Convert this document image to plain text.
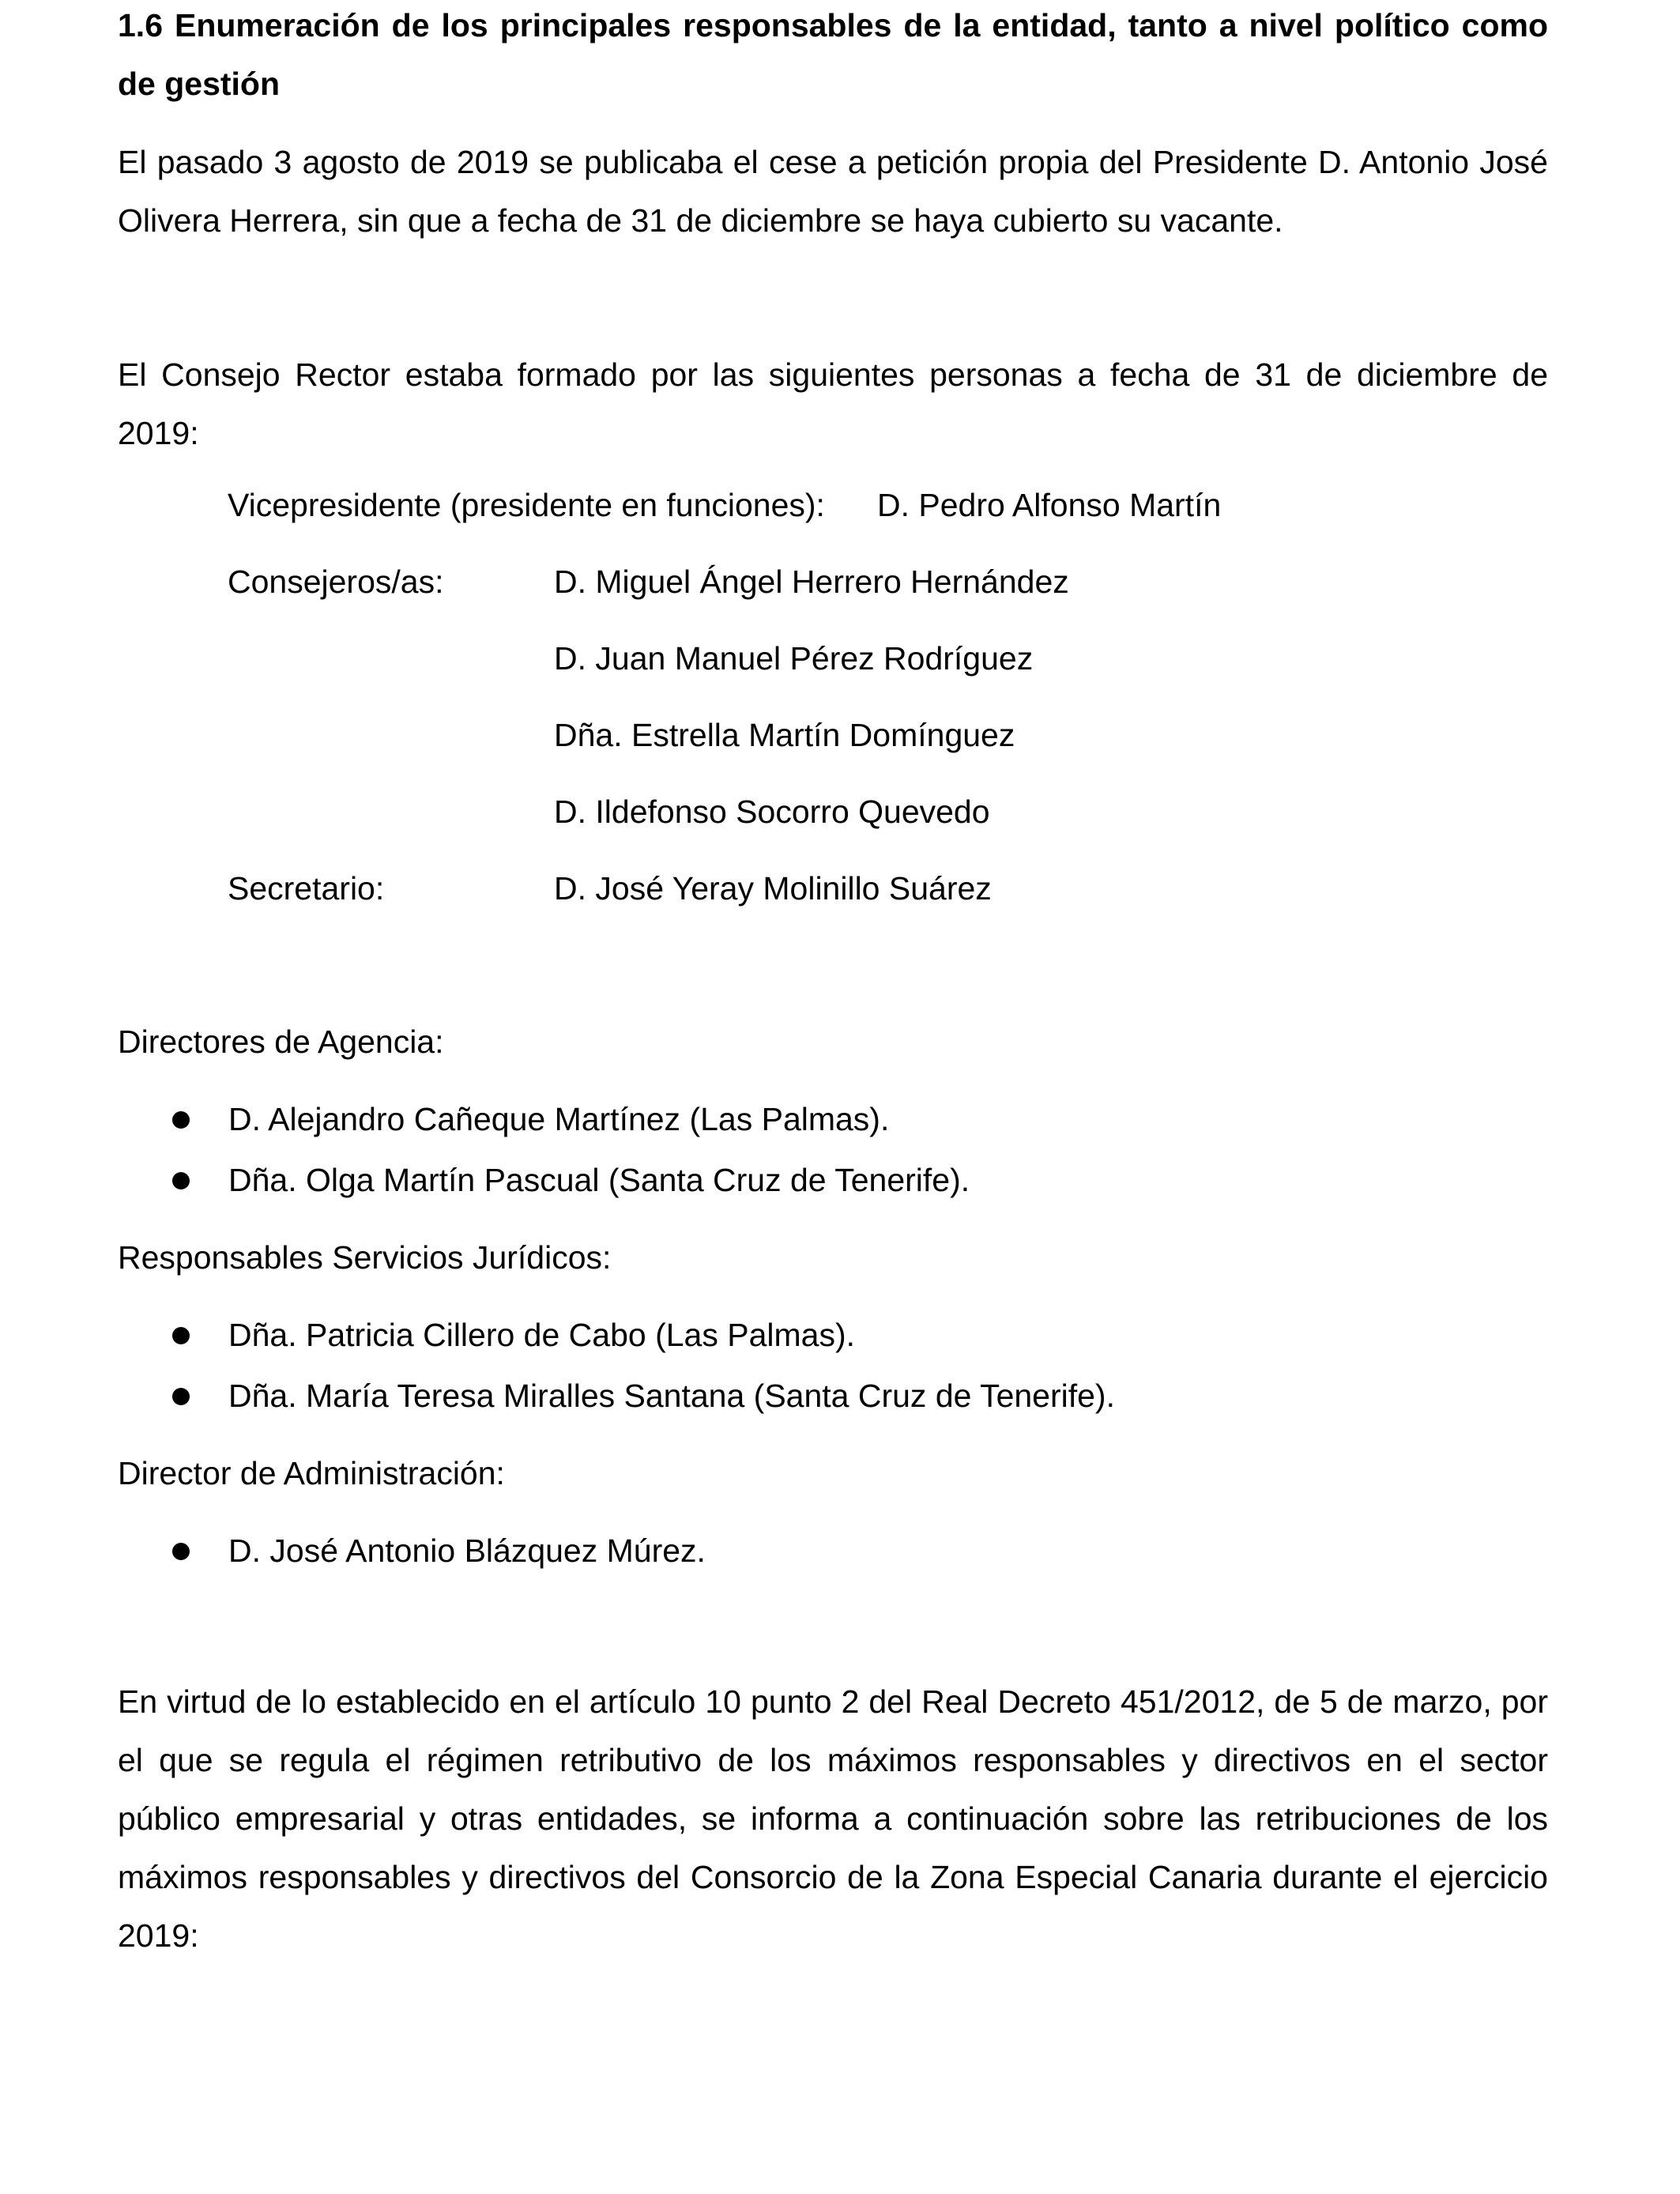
1.6 Enumeración de los principales responsables de la entidad, tanto a nivel político como de gestión
El pasado 3 agosto de 2019 se publicaba el cese a petición propia del Presidente D. Antonio José Olivera Herrera, sin que a fecha de 31 de diciembre se haya cubierto su vacante.
El Consejo Rector estaba formado por las siguientes personas a fecha de 31 de diciembre de 2019:
Vicepresidente (presidente en funciones): D. Pedro Alfonso Martín
Consejeros/as:	D. Miguel Ángel Herrero Hernández
D. Juan Manuel Pérez Rodríguez
Dña. Estrella Martín Domínguez
D. Ildefonso Socorro Quevedo
Secretario:	D. José Yeray Molinillo Suárez
Directores de Agencia:
D. Alejandro Cañeque Martínez (Las Palmas).
Dña. Olga Martín Pascual (Santa Cruz de Tenerife).
Responsables Servicios Jurídicos:
Dña. Patricia Cillero de Cabo (Las Palmas).
Dña. María Teresa Miralles Santana (Santa Cruz de Tenerife).
Director de Administración:
D. José Antonio Blázquez Múrez.
En virtud de lo establecido en el artículo 10 punto 2 del Real Decreto 451/2012, de 5 de marzo, por el que se regula el régimen retributivo de los máximos responsables y directivos en el sector público empresarial y otras entidades, se informa a continuación sobre las retribuciones de los máximos responsables y directivos del Consorcio de la Zona Especial Canaria durante el ejercicio 2019:
